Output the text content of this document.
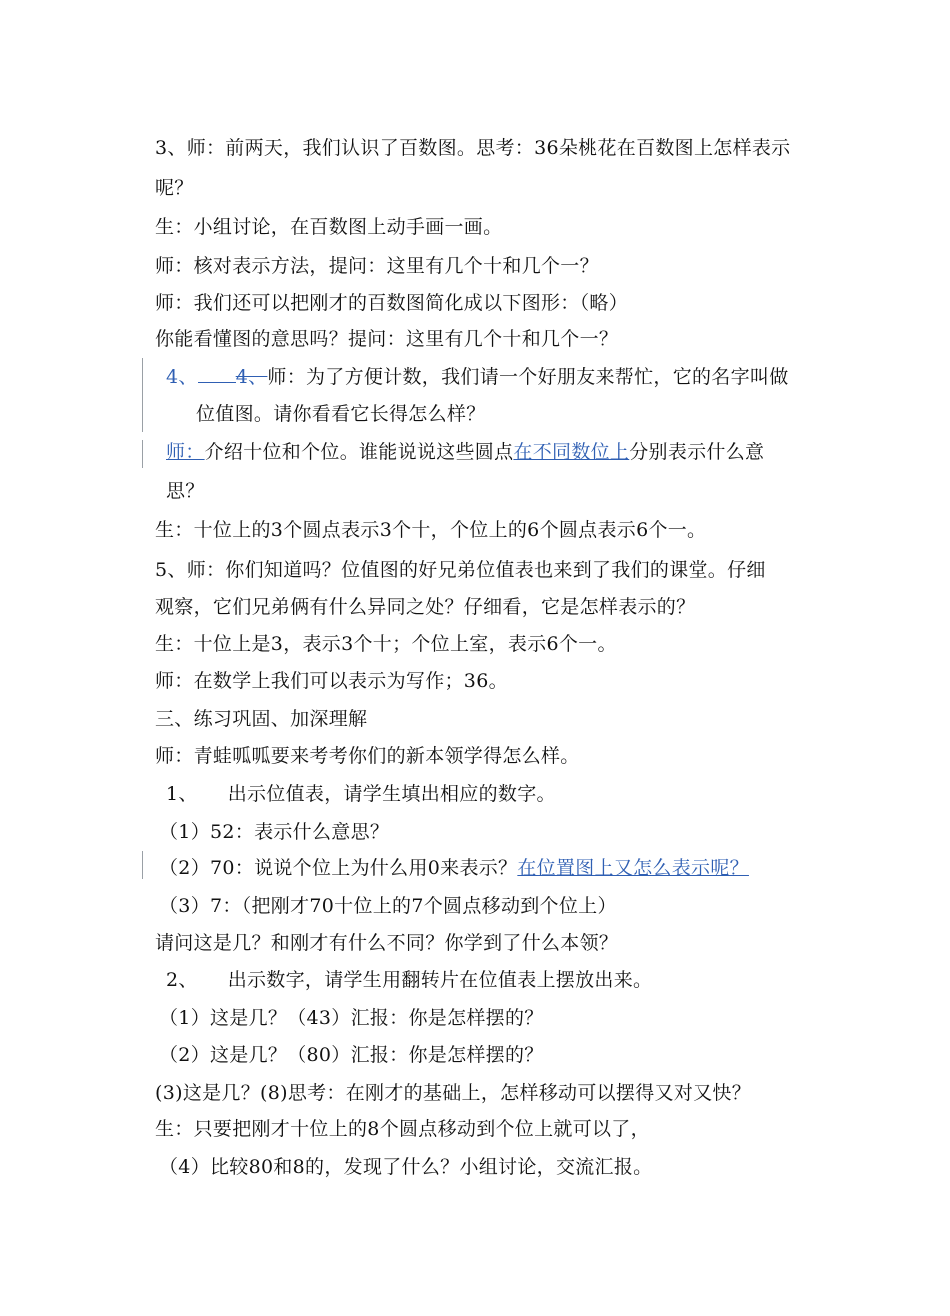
3、师：前两天，我们认识了百数图。思考：36朵桃花在百数图上怎样表示
呢？
生：小组讨论，在百数图上动手画一画。
师：核对表示方法，提问：这里有几个十和几个一？
师：我们还可以把刚才的百数图简化成以下图形：（略）
你能看懂图的意思吗？提问：这里有几个十和几个一？
4、 4、师：为了方便计数，我们请一个好朋友来帮忙，它的名字叫做
位值图。请你看看它长得怎么样？
师：介绍十位和个位。谁能说说这些圆点在不同数位上分别表示什么意
思？
生：十位上的3个圆点表示3个十，个位上的6个圆点表示6个一。
5、师：你们知道吗？位值图的好兄弟位值表也来到了我们的课堂。仔细
观察，它们兄弟俩有什么异同之处？仔细看，它是怎样表示的？
生：十位上是3，表示3个十；个位上室，表示6个一。
师：在数学上我们可以表示为写作；36。
三、练习巩固、加深理解
师：青蛙呱呱要来考考你们的新本领学得怎么样。
1、 出示位值表，请学生填出相应的数字。
（1）52：表示什么意思？
（2）70：说说个位上为什么用0来表示？在位置图上又怎么表示呢？
（3）7：（把刚才70十位上的7个圆点移动到个位上）
请问这是几？和刚才有什么不同？你学到了什么本领？
2、 出示数字，请学生用翻转片在位值表上摆放出来。
（1）这是几？（43）汇报：你是怎样摆的？
（2）这是几？（80）汇报：你是怎样摆的？
(3)这是几？(8)思考：在刚才的基础上，怎样移动可以摆得又对又快？
生：只要把刚才十位上的8个圆点移动到个位上就可以了，
（4）比较80和8的，发现了什么？小组讨论，交流汇报。
